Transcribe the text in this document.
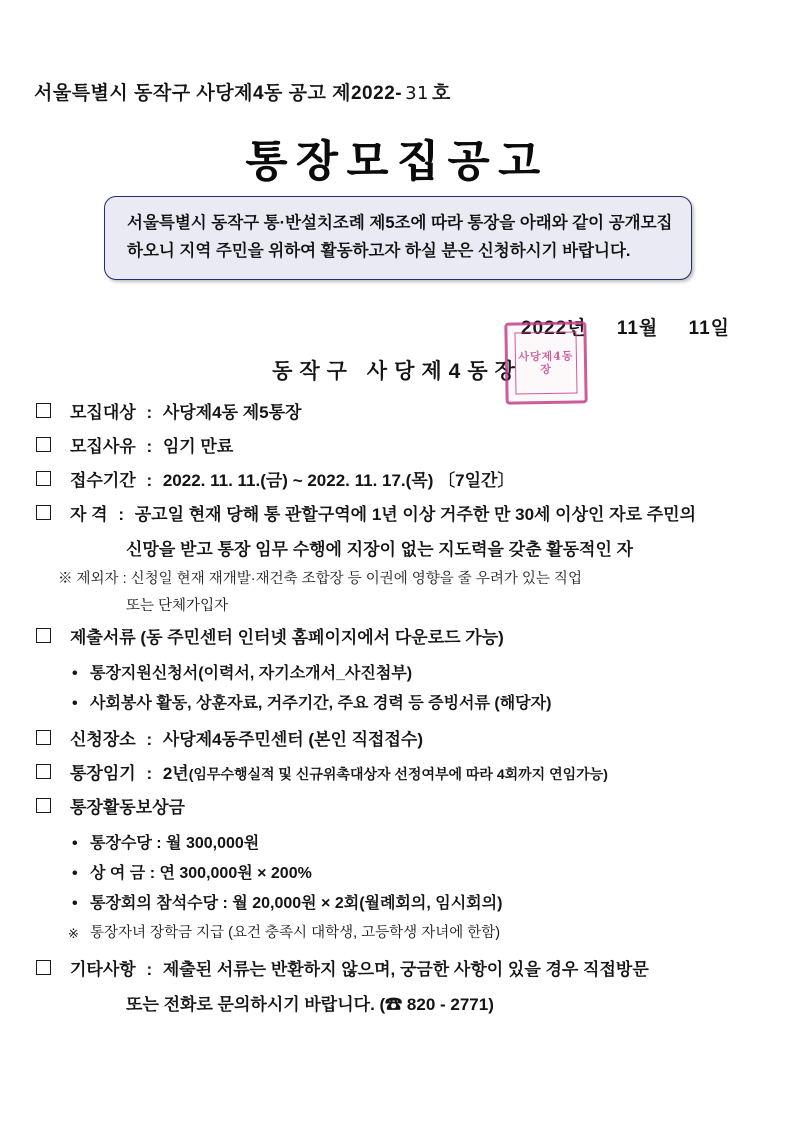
서울특별시 동작구 사당제4동 공고 제2022- 31 호
통장모집공고

서울특별시 동작구 통·반설치조례 제5조에 따라 통장을 아래와 같이 공개모집 하오니 지역 주민을 위하여 활동하고자 하실 분은 신청하시기 바랍니다.

2022년 11월 11일
동작구 사당제4동장
사당제4동장
모집대상 : 사당제4동 제5통장
모집사유 : 임기 만료
접수기간 : 2022. 11. 11.(금) ~ 2022. 11. 17.(목) 〔7일간〕
자 격 : 공고일 현재 당해 통 관할구역에 1년 이상 거주한 만 30세 이상인 자로 주민의
신망을 받고 통장 임무 수행에 지장이 없는 지도력을 갖춘 활동적인 자
※ 제외자 : 신청일 현재 재개발·재건축 조합장 등 이권에 영향을 줄 우려가 있는 직업
또는 단체가입자
제출서류 (동 주민센터 인터넷 홈페이지에서 다운로드 가능)
• 통장지원신청서(이력서, 자기소개서_사진첨부)
• 사회봉사 활동, 상훈자료, 거주기간, 주요 경력 등 증빙서류 (해당자)
신청장소 : 사당제4동주민센터 (본인 직접접수)
통장임기 : 2년(임무수행실적 및 신규위촉대상자 선정여부에 따라 4회까지 연임가능)
통장활동보상금
• 통장수당 : 월 300,000원
• 상 여 금 : 연 300,000원 × 200%
• 통장회의 참석수당 : 월 20,000원 × 2회(월례회의, 임시회의)
※ 통장자녀 장학금 지급 (요건 충족시 대학생, 고등학생 자녀에 한함)
기타사항 : 제출된 서류는 반환하지 않으며, 궁금한 사항이 있을 경우 직접방문
또는 전화로 문의하시기 바랍니다. (☎ 820 - 2771)
